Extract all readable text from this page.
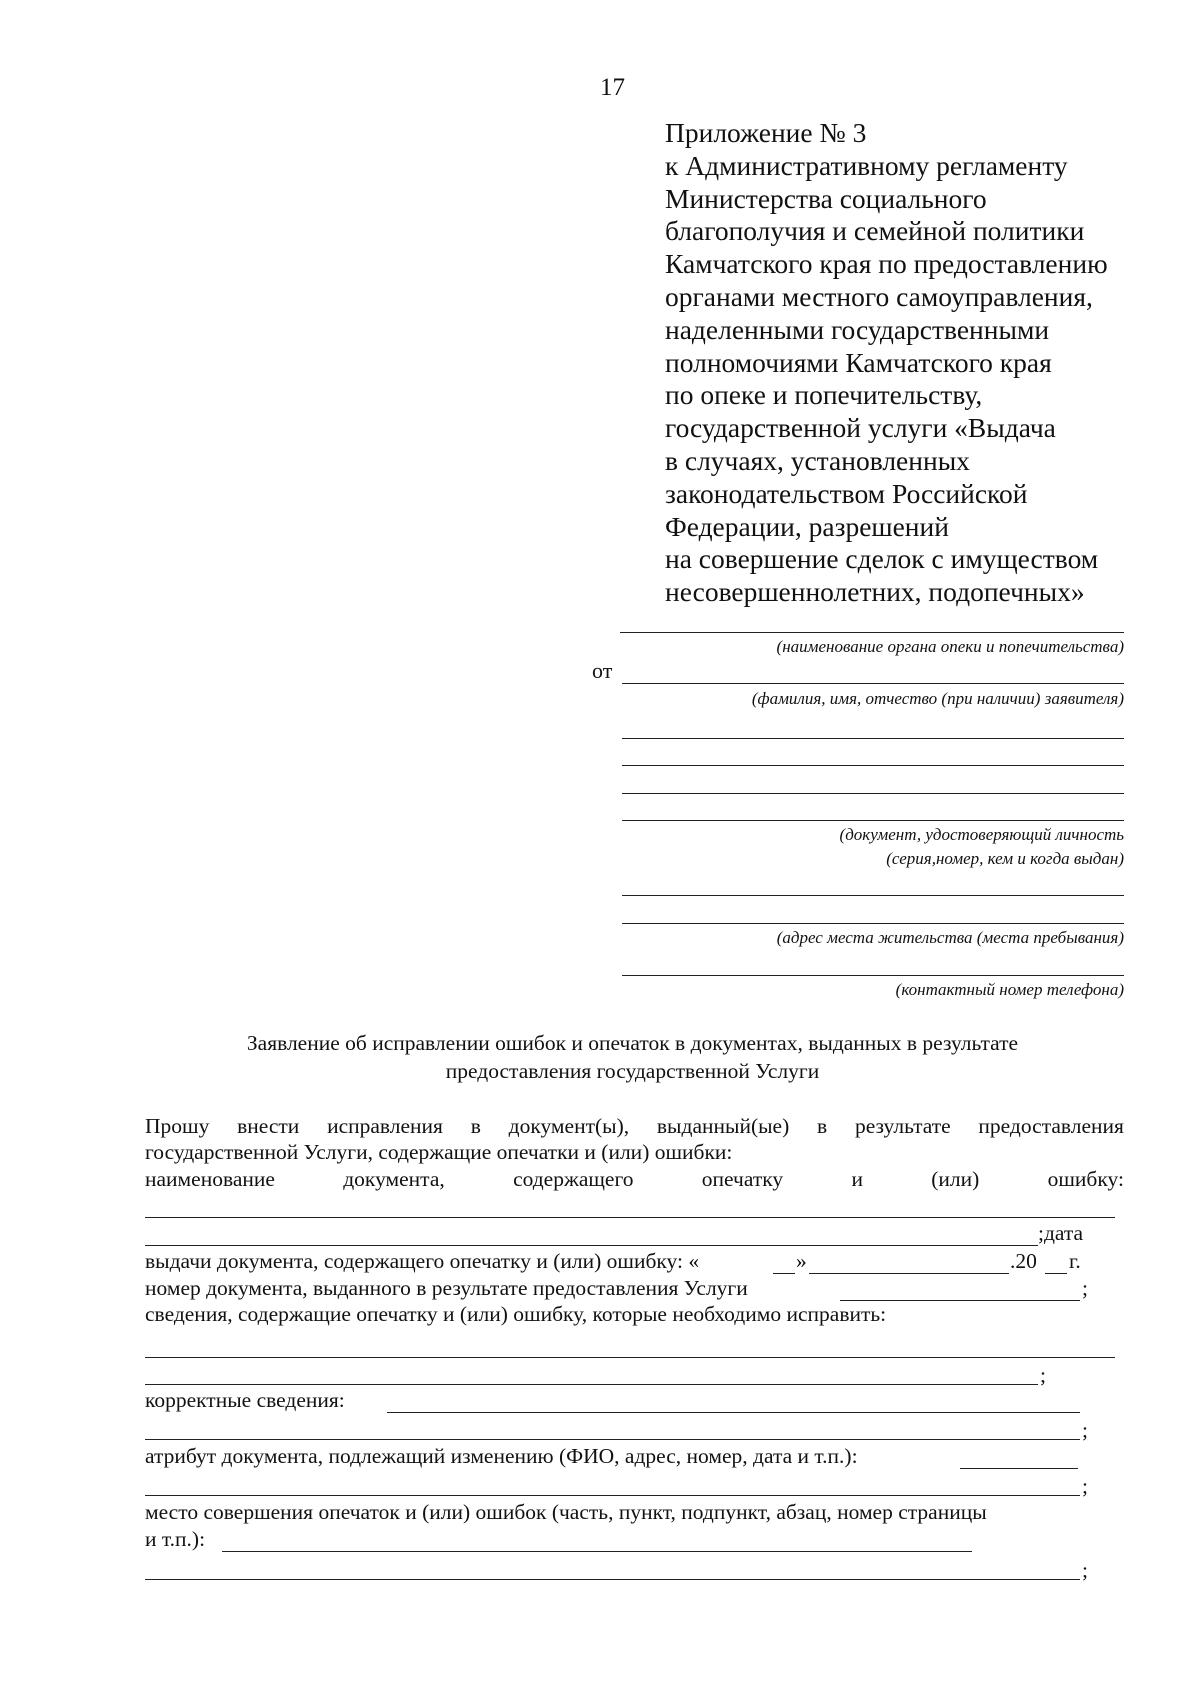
17
Приложение № 3
к Административному регламенту
Министерства социального
благополучия и семейной политики
Камчатского края по предоставлению
органами местного самоуправления,
наделенными государственными
полномочиями Камчатского края
по опеке и попечительству,
государственной услуги «Выдача
в случаях, установленных
законодательством Российской
Федерации, разрешений
на совершение сделок с имуществом
несовершеннолетних, подопечных»
(наименование органа опеки и попечительства)
от
(фамилия, имя, отчество (при наличии) заявителя)
(документ, удостоверяющий личность
(серия,номер, кем и когда выдан)
(адрес места жительства (места пребывания)
(контактный номер телефона)
Заявление об исправлении ошибок и опечаток в документах, выданных в результате
предоставления государственной Услуги
Прошу внести исправления в документ(ы), выданный(ые) в результате предоставления
государственной Услуги, содержащие опечатки и (или) ошибки:
наименование	документа,	содержащего	опечатку	и	(или)	ошибку:
;дата
выдачи документа, содержащего опечатку и (или) ошибку: «	»	.20 г.
номер документа, выданного в результате предоставления Услуги	;
сведения, содержащие опечатку и (или) ошибку, которые необходимо исправить:
;
корректные сведения:
;
атрибут документа, подлежащий изменению (ФИО, адрес, номер, дата и т.п.):
;
место совершения опечаток и (или) ошибок (часть, пункт, подпункт, абзац, номер страницы
и т.п.):
;
